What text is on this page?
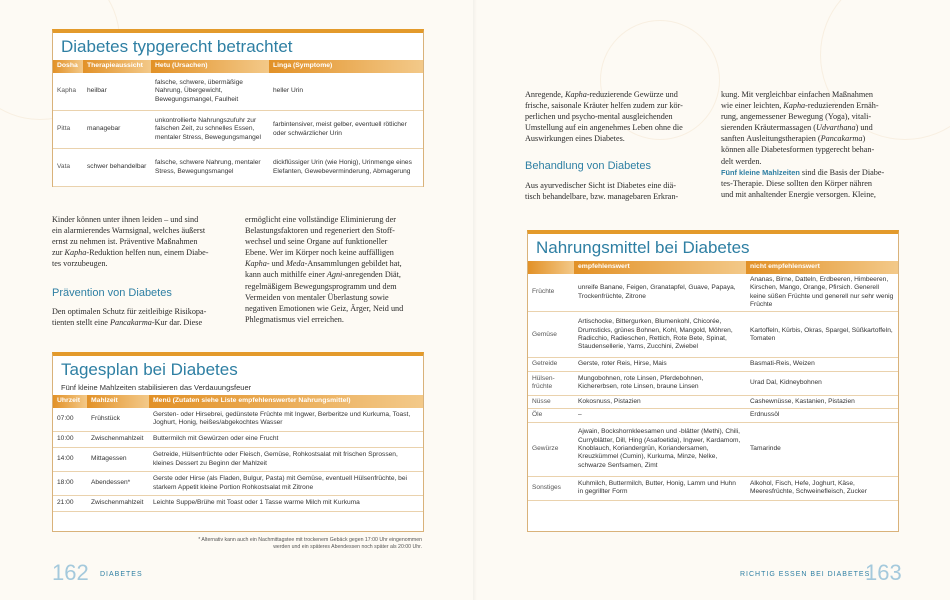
Diabetes typgerecht betrachtet
Dosha	Therapieaussicht	Hetu (Ursachen)	Linga (Symptome)
Kapha	heilbar	falsche, schwere, übermäßige Nahrung, Übergewicht, Bewegungsmangel, Faulheit	heller Urin
Pitta	managebar	unkontrollierte Nahrungszufuhr zur falschen Zeit, zu schnelles Essen, mentaler Stress, Bewegungsmangel	farbintensiver, meist gelber, eventuell rötlicher oder schwärzlicher Urin
Vata	schwer behandelbar	falsche, schwere Nahrung, mentaler Stress, Bewegungsmangel	dickflüssiger Urin (wie Honig), Urinmenge eines Elefanten, Gewebeverminderung, Abmagerung
Kinder können unter ihnen leiden – und sind
ein alarmierendes Warnsignal, welches äußerst
ernst zu nehmen ist. Präventive Maßnahmen
zur Kapha-Reduktion helfen nun, einem Diabe-
tes vorzubeugen.
Prävention von Diabetes
Den optimalen Schutz für zeitleibige Risikopa-
tienten stellt eine Pancakarma-Kur dar. Diese
ermöglicht eine vollständige Eliminierung der
Belastungsfaktoren und regeneriert den Stoff-
wechsel und seine Organe auf funktioneller
Ebene. Wer im Körper noch keine auffälligen
Kapha- und Meda-Ansammlungen gebildet hat,
kann auch mithilfe einer Agni-anregenden Diät,
regelmäßigem Bewegungsprogramm und dem
Vermeiden von mentaler Überlastung sowie
negativen Emotionen wie Geiz, Ärger, Neid und
Phlegmatismus viel erreichen.
Tagesplan bei Diabetes
Fünf kleine Mahlzeiten stabilisieren das Verdauungsfeuer
Uhrzeit	Mahlzeit	Menü (Zutaten siehe Liste empfehlenswerter Nahrungsmittel)
07:00	Frühstück	Gersten- oder Hirsebrei, gedünstete Früchte mit Ingwer, Berberitze und Kurkuma, Toast, Joghurt, Honig, heißes/abgekochtes Wasser
10:00	Zwischenmahlzeit	Buttermilch mit Gewürzen oder eine Frucht
14:00	Mittagessen	Getreide, Hülsenfrüchte oder Fleisch, Gemüse, Rohkostsalat mit frischen Sprossen, kleines Dessert zu Beginn der Mahlzeit
18:00	Abendessen*	Gerste oder Hirse (als Fladen, Bulgur, Pasta) mit Gemüse, eventuell Hülsenfrüchte, bei starkem Appetit kleine Portion Rohkostsalat mit Zitrone
21:00	Zwischenmahlzeit	Leichte Suppe/Brühe mit Toast oder 1 Tasse warme Milch mit Kurkuma
* Alternativ kann auch ein Nachmittagstee mit trockenem Gebäck gegen 17:00 Uhr eingenommen
werden und ein späteres Abendessen noch später als 20:00 Uhr.
162 DIABETES
Anregende, Kapha-reduzierende Gewürze und
frische, saisonale Kräuter helfen zudem zur kör-
perlichen und psycho-mental ausgleichenden
Umstellung auf ein angenehmes Leben ohne die
Auswirkungen eines Diabetes.
Behandlung von Diabetes
Aus ayurvedischer Sicht ist Diabetes eine diä-
tisch behandelbare, bzw. managebaren Erkran-
kung. Mit vergleichbar einfachen Maßnahmen
wie einer leichten, Kapha-reduzierenden Ernäh-
rung, angemessener Bewegung (Yoga), vitali-
sierenden Kräutermassagen (Udvarthana) und
sanften Ausleitungstherapien (Pancakarma)
können alle Diabetesformen typgerecht behan-
delt werden.
Fünf kleine Mahlzeiten sind die Basis der Diabe-
tes-Therapie. Diese sollten den Körper nähren
und mit anhaltender Energie versorgen. Kleine,
Nahrungsmittel bei Diabetes
	empfehlenswert	nicht empfehlenswert
Früchte	unreife Banane, Feigen, Granatapfel, Guave, Papaya, Trockenfrüchte, Zitrone	Ananas, Birne, Datteln, Erdbeeren, Himbeeren, Kirschen, Mango, Orange, Pfirsich. Generell keine süßen Früchte und generell nur sehr wenig Früchte
Gemüse	Artischocke, Bittergurken, Blumenkohl, Chicorée, Drumsticks, grünes Bohnen, Kohl, Mangold, Möhren, Radicchio, Radieschen, Rettich, Rote Bete, Spinat, Staudensellerie, Yams, Zucchini, Zwiebel	Kartoffeln, Kürbis, Okras, Spargel, Süßkartoffeln, Tomaten
Getreide	Gerste, roter Reis, Hirse, Mais	Basmati-Reis, Weizen
Hülsen-früchte	Mungobohnen, rote Linsen, Pferdebohnen, Kichererbsen, rote Linsen, braune Linsen	Urad Dal, Kidneybohnen
Nüsse	Kokosnuss, Pistazien	Cashewnüsse, Kastanien, Pistazien
Öle	–	Erdnussöl
Gewürze	Ajwain, Bockshornkleesamen und -blätter (Methi), Chili, Curryblätter, Dill, Hing (Asafoetida), Ingwer, Kardamom, Knoblauch, Koriandergrün, Koriandersamen, Kreuzkümmel (Cumin), Kurkuma, Minze, Nelke, schwarze Senfsamen, Zimt	Tamarinde
Sonstiges	Kuhmilch, Buttermilch, Butter, Honig, Lamm und Huhn in gegrillter Form	Alkohol, Fisch, Hefe, Joghurt, Käse, Meeresfrüchte, Schweinefleisch, Zucker
RICHTIG ESSEN BEI DIABETES
163
